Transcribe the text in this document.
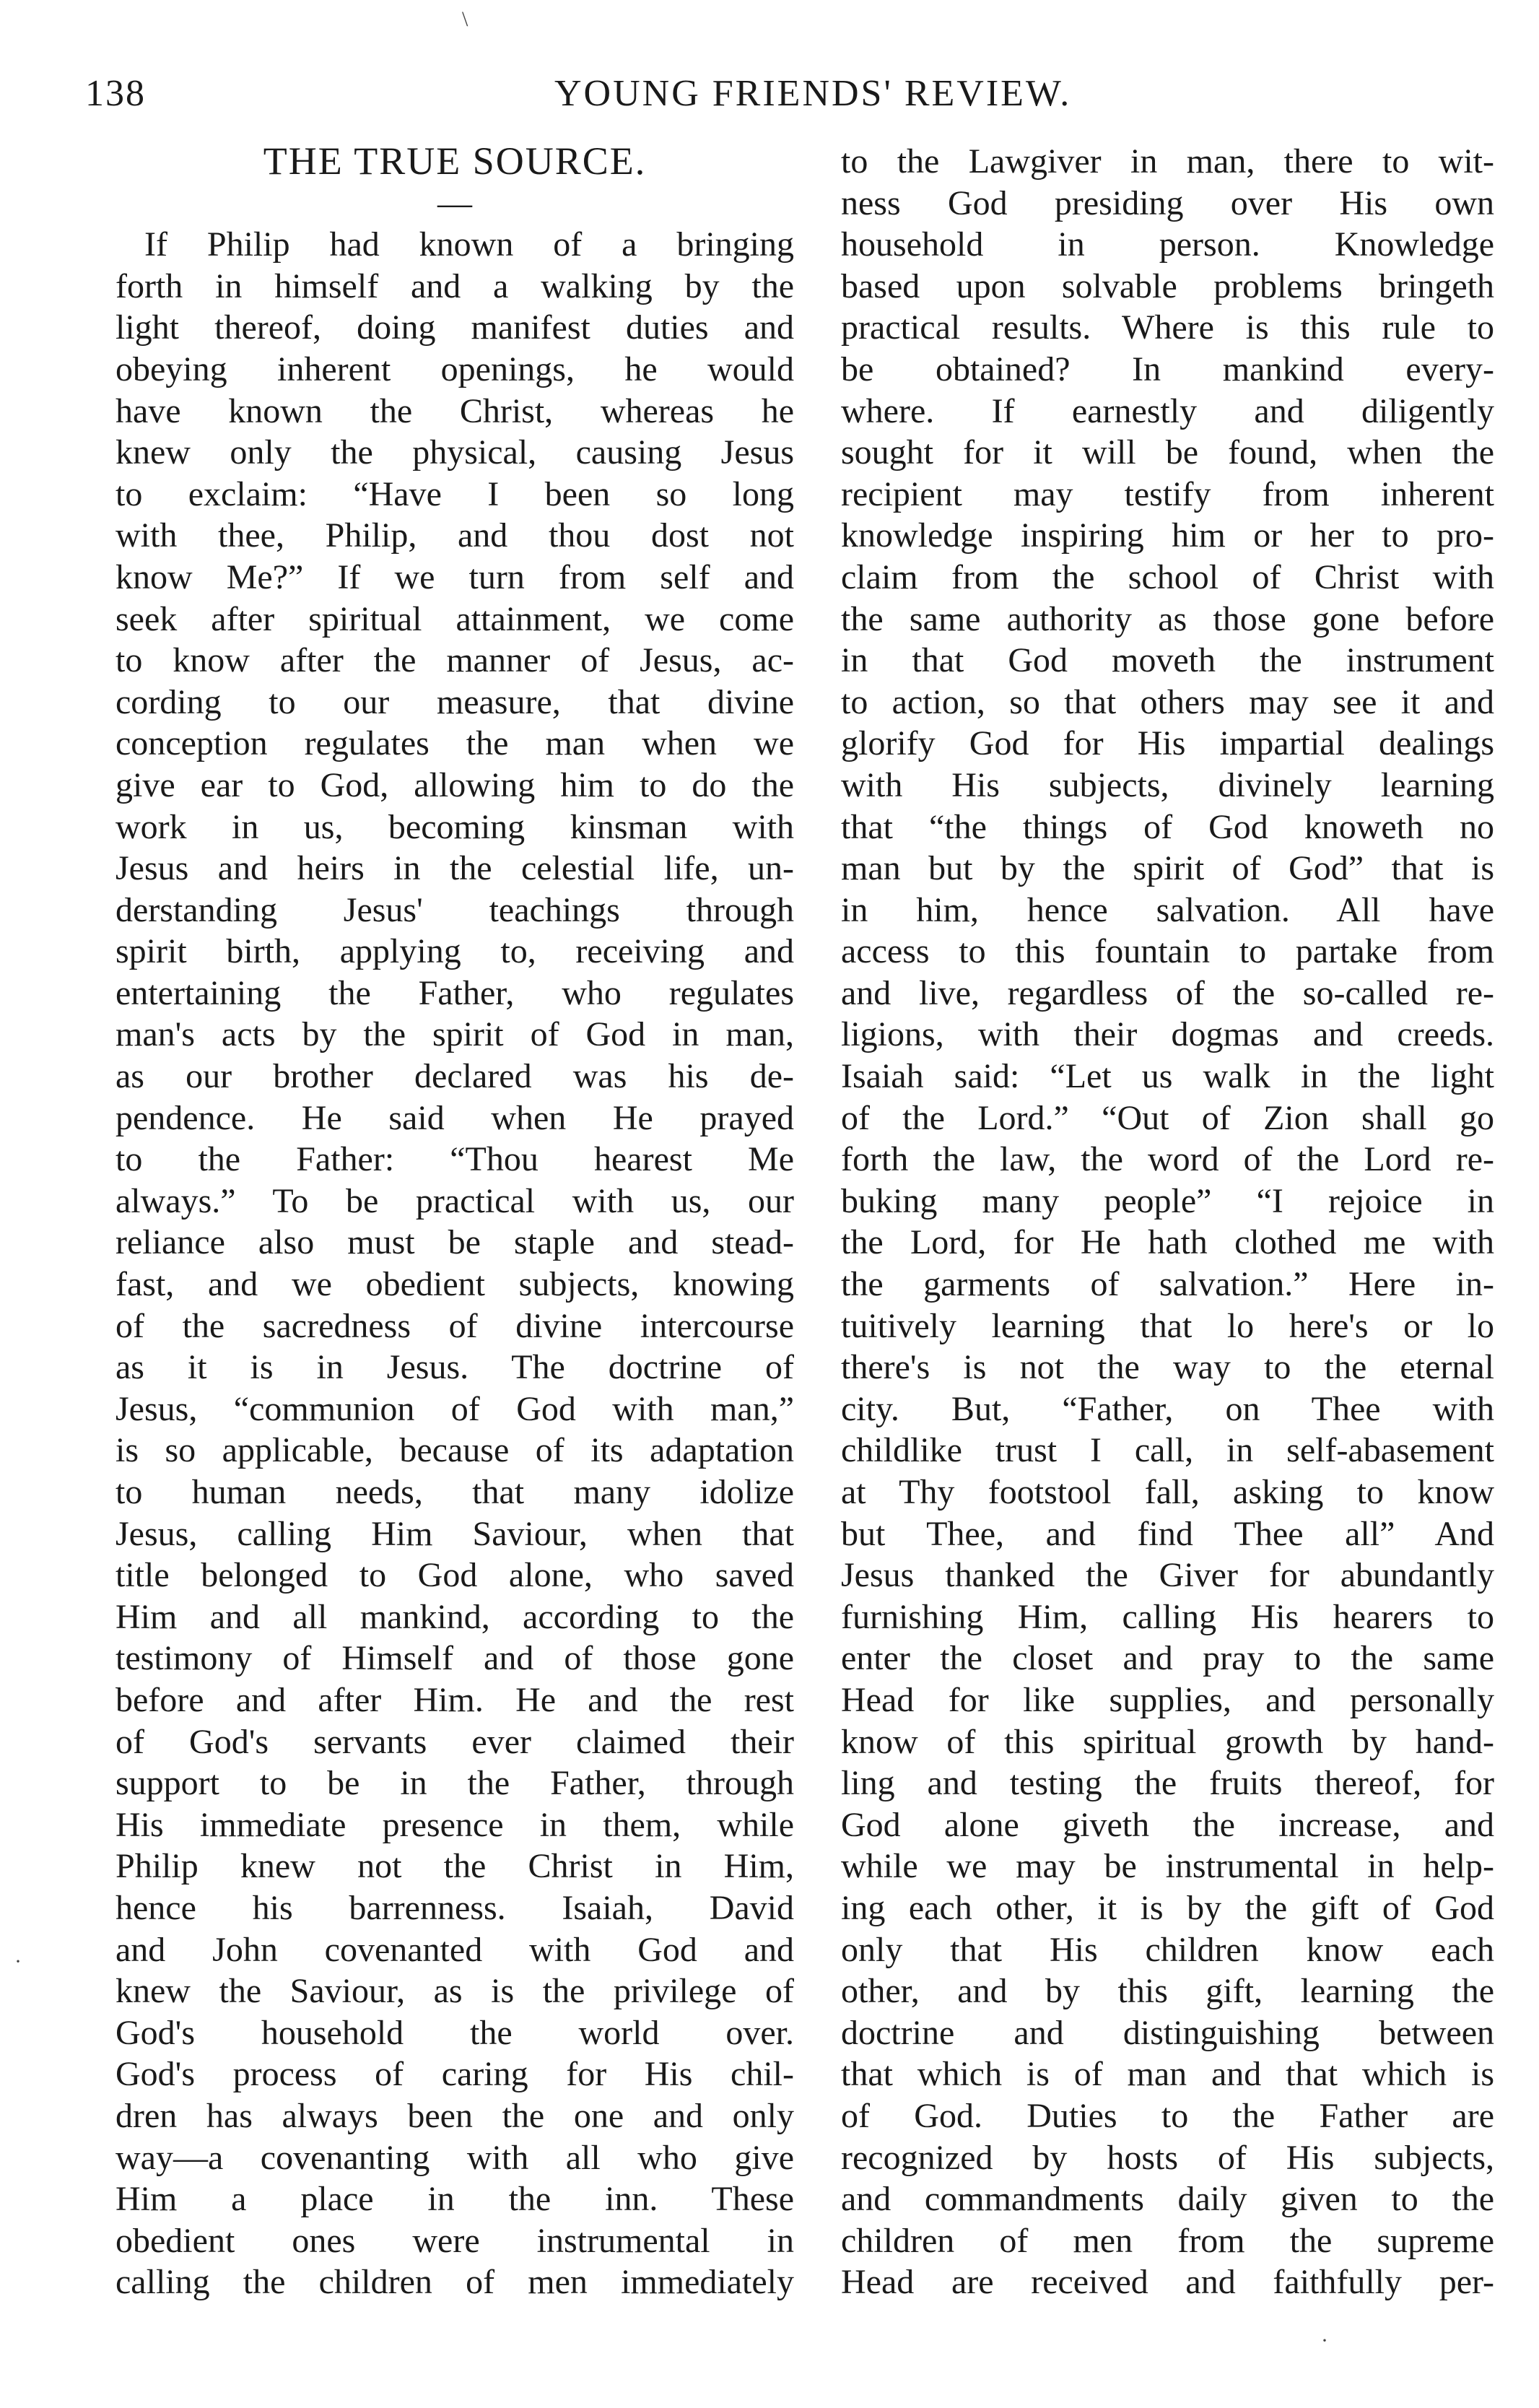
138	YOUNG FRIENDS' REVIEW.
THE TRUE SOURCE.
—
If Philip had known of a bringing
forth in himself and a walking by the
light thereof, doing manifest duties and
obeying inherent openings, he would
have known the Christ, whereas he
knew only the physical, causing Jesus
to exclaim: “Have I been so long
with thee, Philip, and thou dost not
know Me?” If we turn from self and
seek after spiritual attainment, we come
to know after the manner of Jesus, ac-
cording to our measure, that divine
conception regulates the man when we
give ear to God, allowing him to do the
work in us, becoming kinsman with
Jesus and heirs in the celestial life, un-
derstanding Jesus' teachings through
spirit birth, applying to, receiving and
entertaining the Father, who regulates
man's acts by the spirit of God in man,
as our brother declared was his de-
pendence. He said when He prayed
to the Father: “Thou hearest Me
always.” To be practical with us, our
reliance also must be staple and stead-
fast, and we obedient subjects, knowing
of the sacredness of divine intercourse
as it is in Jesus. The doctrine of
Jesus, “communion of God with man,”
is so applicable, because of its adaptation
to human needs, that many idolize
Jesus, calling Him Saviour, when that
title belonged to God alone, who saved
Him and all mankind, according to the
testimony of Himself and of those gone
before and after Him. He and the rest
of God's servants ever claimed their
support to be in the Father, through
His immediate presence in them, while
Philip knew not the Christ in Him,
hence his barrenness. Isaiah, David
and John covenanted with God and
knew the Saviour, as is the privilege of
God's household the world over.
God's process of caring for His chil-
dren has always been the one and only
way—a covenanting with all who give
Him a place in the inn. These
obedient ones were instrumental in
calling the children of men immediately
to the Lawgiver in man, there to wit-
ness God presiding over His own
household in person. Knowledge
based upon solvable problems bringeth
practical results. Where is this rule to
be obtained? In mankind every-
where. If earnestly and diligently
sought for it will be found, when the
recipient may testify from inherent
knowledge inspiring him or her to pro-
claim from the school of Christ with
the same authority as those gone before
in that God moveth the instrument
to action, so that others may see it and
glorify God for His impartial dealings
with His subjects, divinely learning
that “the things of God knoweth no
man but by the spirit of God” that is
in him, hence salvation. All have
access to this fountain to partake from
and live, regardless of the so-called re-
ligions, with their dogmas and creeds.
Isaiah said: “Let us walk in the light
of the Lord.” “Out of Zion shall go
forth the law, the word of the Lord re-
buking many people” “I rejoice in
the Lord, for He hath clothed me with
the garments of salvation.” Here in-
tuitively learning that lo here's or lo
there's is not the way to the eternal
city. But, “Father, on Thee with
childlike trust I call, in self-abasement
at Thy footstool fall, asking to know
but Thee, and find Thee all” And
Jesus thanked the Giver for abundantly
furnishing Him, calling His hearers to
enter the closet and pray to the same
Head for like supplies, and personally
know of this spiritual growth by hand-
ling and testing the fruits thereof, for
God alone giveth the increase, and
while we may be instrumental in help-
ing each other, it is by the gift of God
only that His children know each
other, and by this gift, learning the
doctrine and distinguishing between
that which is of man and that which is
of God. Duties to the Father are
recognized by hosts of His subjects,
and commandments daily given to the
children of men from the supreme
Head are received and faithfully per-
\
·
·
